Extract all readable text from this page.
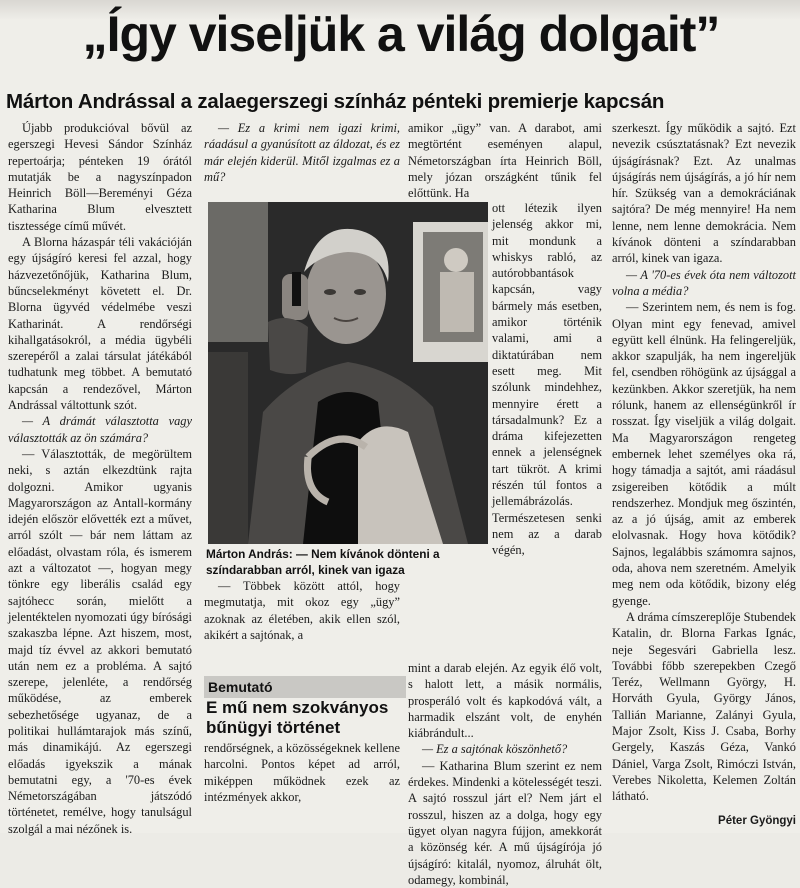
„Így viseljük a világ dolgait”
Márton Andrással a zalaegerszegi színház pénteki premierje kapcsán

Újabb produkcióval bővül az egerszegi Hevesi Sándor Színház repertoárja; pénteken 19 órától mutatják be a nagyszínpadon Heinrich Böll—Bereményi Géza Katharina Blum elvesztett tisztessége című művét.

A Blorna házaspár téli vakációján egy újságíró keresi fel azzal, hogy házvezetőnőjük, Katharina Blum, bűncselekményt követett el. Dr. Blorna ügyvéd védelmébe veszi Katharinát. A rendőrségi kihallgatásokról, a média ügybéli szerepéről a zalai társulat játékából tudhatunk meg többet. A bemutató kapcsán a rendezővel, Márton Andrással váltottunk szót.

— A drámát választotta vagy választották az ön számára?

— Választották, de megörültem neki, s aztán elkezdtünk rajta dolgozni. Amikor ugyanis Magyarországon az Antall-kormány idején először elővették ezt a művet, arról szólt — bár nem láttam az előadást, olvastam róla, és ismerem azt a változatot —, hogyan megy tönkre egy liberális család egy sajtóhecc során, mielőtt a jelentéktelen nyomozati úgy bírósági szakaszba lépne. Azt hiszem, most, majd tíz évvel az akkori bemutató után nem ez a probléma. A sajtó szerepe, jelenléte, a rendőrség működése, az emberek sebezhetősége ugyanaz, de a politikai hullámtarajok más színű, más dinamikájú. Az egerszegi előadás igyekszik a mának bemutatni egy, a '70-es évek Németországában játszódó történetet, remélve, hogy tanulságul szolgál a mai nézőnek is.

— Ez a krimi nem igazi krimi, ráadásul a gyanúsított az áldozat, és ez már elején kiderül. Mitől izgalmas ez a mű?

Márton András: — Nem kívánok dönteni a színdarabban arról, kinek van igaza

— Többek között attól, hogy megmutatja, mit okoz egy „ügy” azoknak az életében, akik ellen szól, akikért a sajtónak, a

Bemutató
E mű nem szokványos bűnügyi történet

rendőrségnek, a közösségeknek kellene harcolni. Pontos képet ad arról, miképpen működnek ezek az intézmények akkor,

amikor „ügy” van. A darabot, ami megtörtént eseményen alapul, Németországban írta Heinrich Böll, mely józan országként tűnik fel előttünk. Ha

ott létezik ilyen jelenség akkor mi, mit mondunk a whiskys rabló, az autórobbantások kapcsán, vagy bármely más esetben, amikor történik valami, ami a diktatúrában nem esett meg. Mit szólunk mindehhez, mennyire érett a társadalmunk? Ez a dráma kifejezetten ennek a jelenségnek tart tükröt. A krimi részén túl fontos a jellemábrázolás. Természetesen senki nem az a darab végén,

mint a darab elején. Az egyik élő volt, s halott lett, a másik normális, prosperáló volt és kapkodóvá vált, a harmadik elszánt volt, de enyhén kiábrándult...

— Ez a sajtónak köszönhető?

— Katharina Blum szerint ez nem érdekes. Mindenki a kötelességét teszi. A sajtó rosszul járt el? Nem járt el rosszul, hiszen az a dolga, hogy egy ügyet olyan nagyra fújjon, amekkorát a közönség kér. A mű újságírója jó újságíró: kitalál, nyomoz, álruhát ölt, odamegy, kombinál,

szerkeszt. Így működik a sajtó. Ezt nevezik csúsztatásnak? Ezt nevezik újságírásnak? Ezt. Az unalmas újságírás nem újságírás, a jó hír nem hír. Szükség van a demokráciának sajtóra? De még mennyire! Ha nem lenne, nem lenne demokrácia. Nem kívánok dönteni a színdarabban arról, kinek van igaza.

— A '70-es évek óta nem változott volna a média?

— Szerintem nem, és nem is fog. Olyan mint egy fenevad, amivel együtt kell élnünk. Ha felingereljük, akkor szapulják, ha nem ingereljük fel, csendben röhögünk az újsággal a kezünkben. Akkor szeretjük, ha nem rólunk, hanem az ellenségünkről ír rosszat. Így viseljük a világ dolgait. Ma Magyarországon rengeteg embernek lehet személyes oka rá, hogy támadja a sajtót, ami ráadásul zsigereiben kötődik a múlt rendszerhez. Mondjuk meg őszintén, az a jó újság, amit az emberek elolvasnak. Hogy hova kötődik? Sajnos, legalábbis számomra sajnos, oda, ahova nem szeretném. Amelyik meg nem oda kötődik, bizony elég gyenge.

A dráma címszereplője Stubendek Katalin, dr. Blorna Farkas Ignác, neje Segesvári Gabriella lesz. További főbb szerepekben Czegő Teréz, Wellmann György, H. Horváth Gyula, György János, Tallián Marianne, Zalányi Gyula, Major Zsolt, Kiss J. Csaba, Borhy Gergely, Kaszás Géza, Vankó Dániel, Varga Zsolt, Rimóczi István, Verebes Nikoletta, Kelemen Zoltán látható.

Péter Gyöngyi
